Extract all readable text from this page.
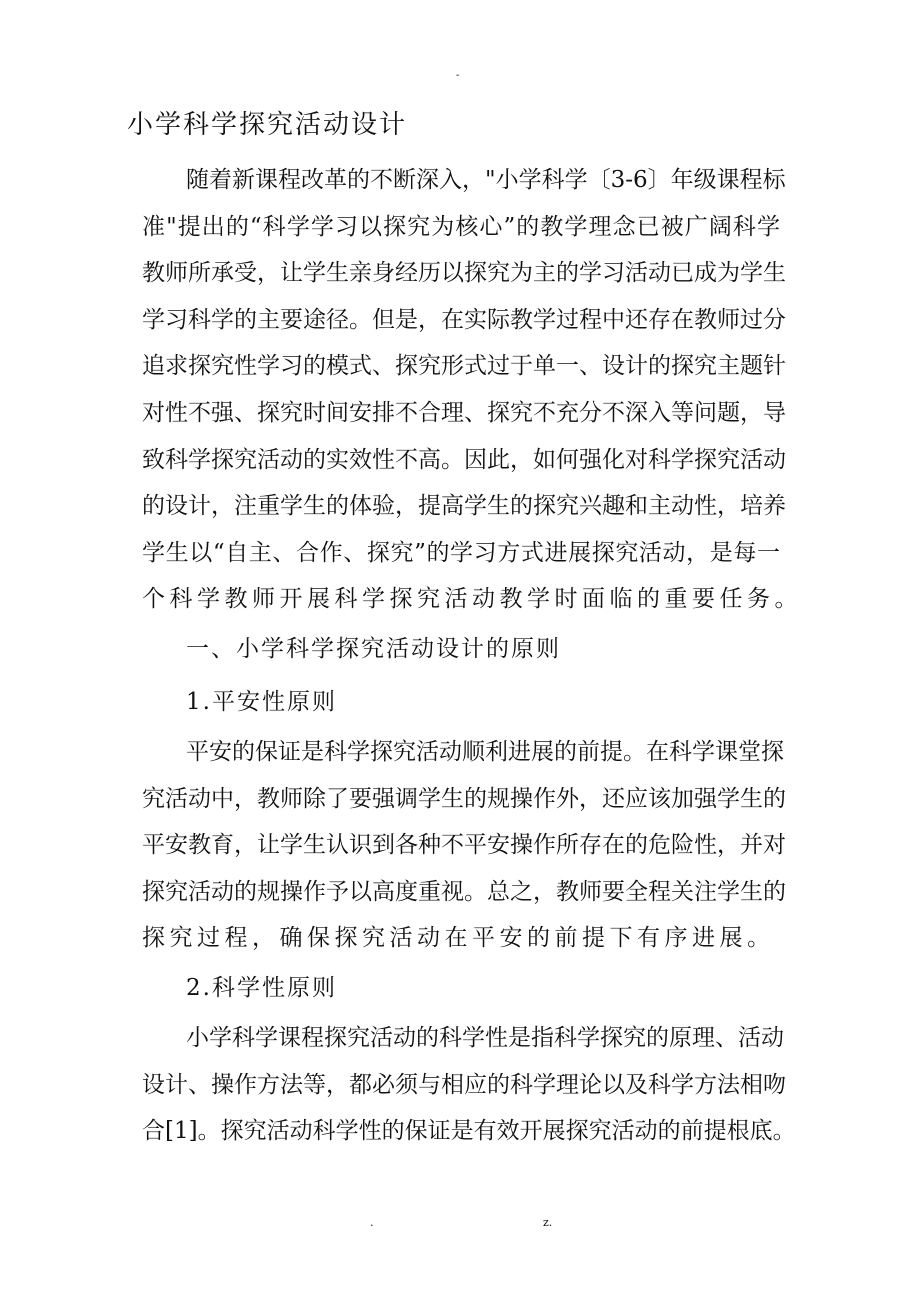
-
小学科学探究活动设计
随着新课程改革的不断深入，"小学科学〔3-6〕年级课程标
准"提出的“科学学习以探究为核心”的教学理念已被广阔科学
教师所承受，让学生亲身经历以探究为主的学习活动已成为学生
学习科学的主要途径。但是，在实际教学过程中还存在教师过分
追求探究性学习的模式、探究形式过于单一、设计的探究主题针
对性不强、探究时间安排不合理、探究不充分不深入等问题，导
致科学探究活动的实效性不高。因此，如何强化对科学探究活动
的设计，注重学生的体验，提高学生的探究兴趣和主动性，培养
学生以“自主、合作、探究”的学习方式进展探究活动，是每一
个科学教师开展科学探究活动教学时面临的重要任务。
一、小学科学探究活动设计的原则
1.平安性原则
平安的保证是科学探究活动顺利进展的前提。在科学课堂探
究活动中，教师除了要强调学生的规操作外，还应该加强学生的
平安教育，让学生认识到各种不平安操作所存在的危险性，并对
探究活动的规操作予以高度重视。总之，教师要全程关注学生的
探究过程，确保探究活动在平安的前提下有序进展。
2.科学性原则
小学科学课程探究活动的科学性是指科学探究的原理、活动
设计、操作方法等，都必须与相应的科学理论以及科学方法相吻
合[1]。探究活动科学性的保证是有效开展探究活动的前提根底。
.	z.
